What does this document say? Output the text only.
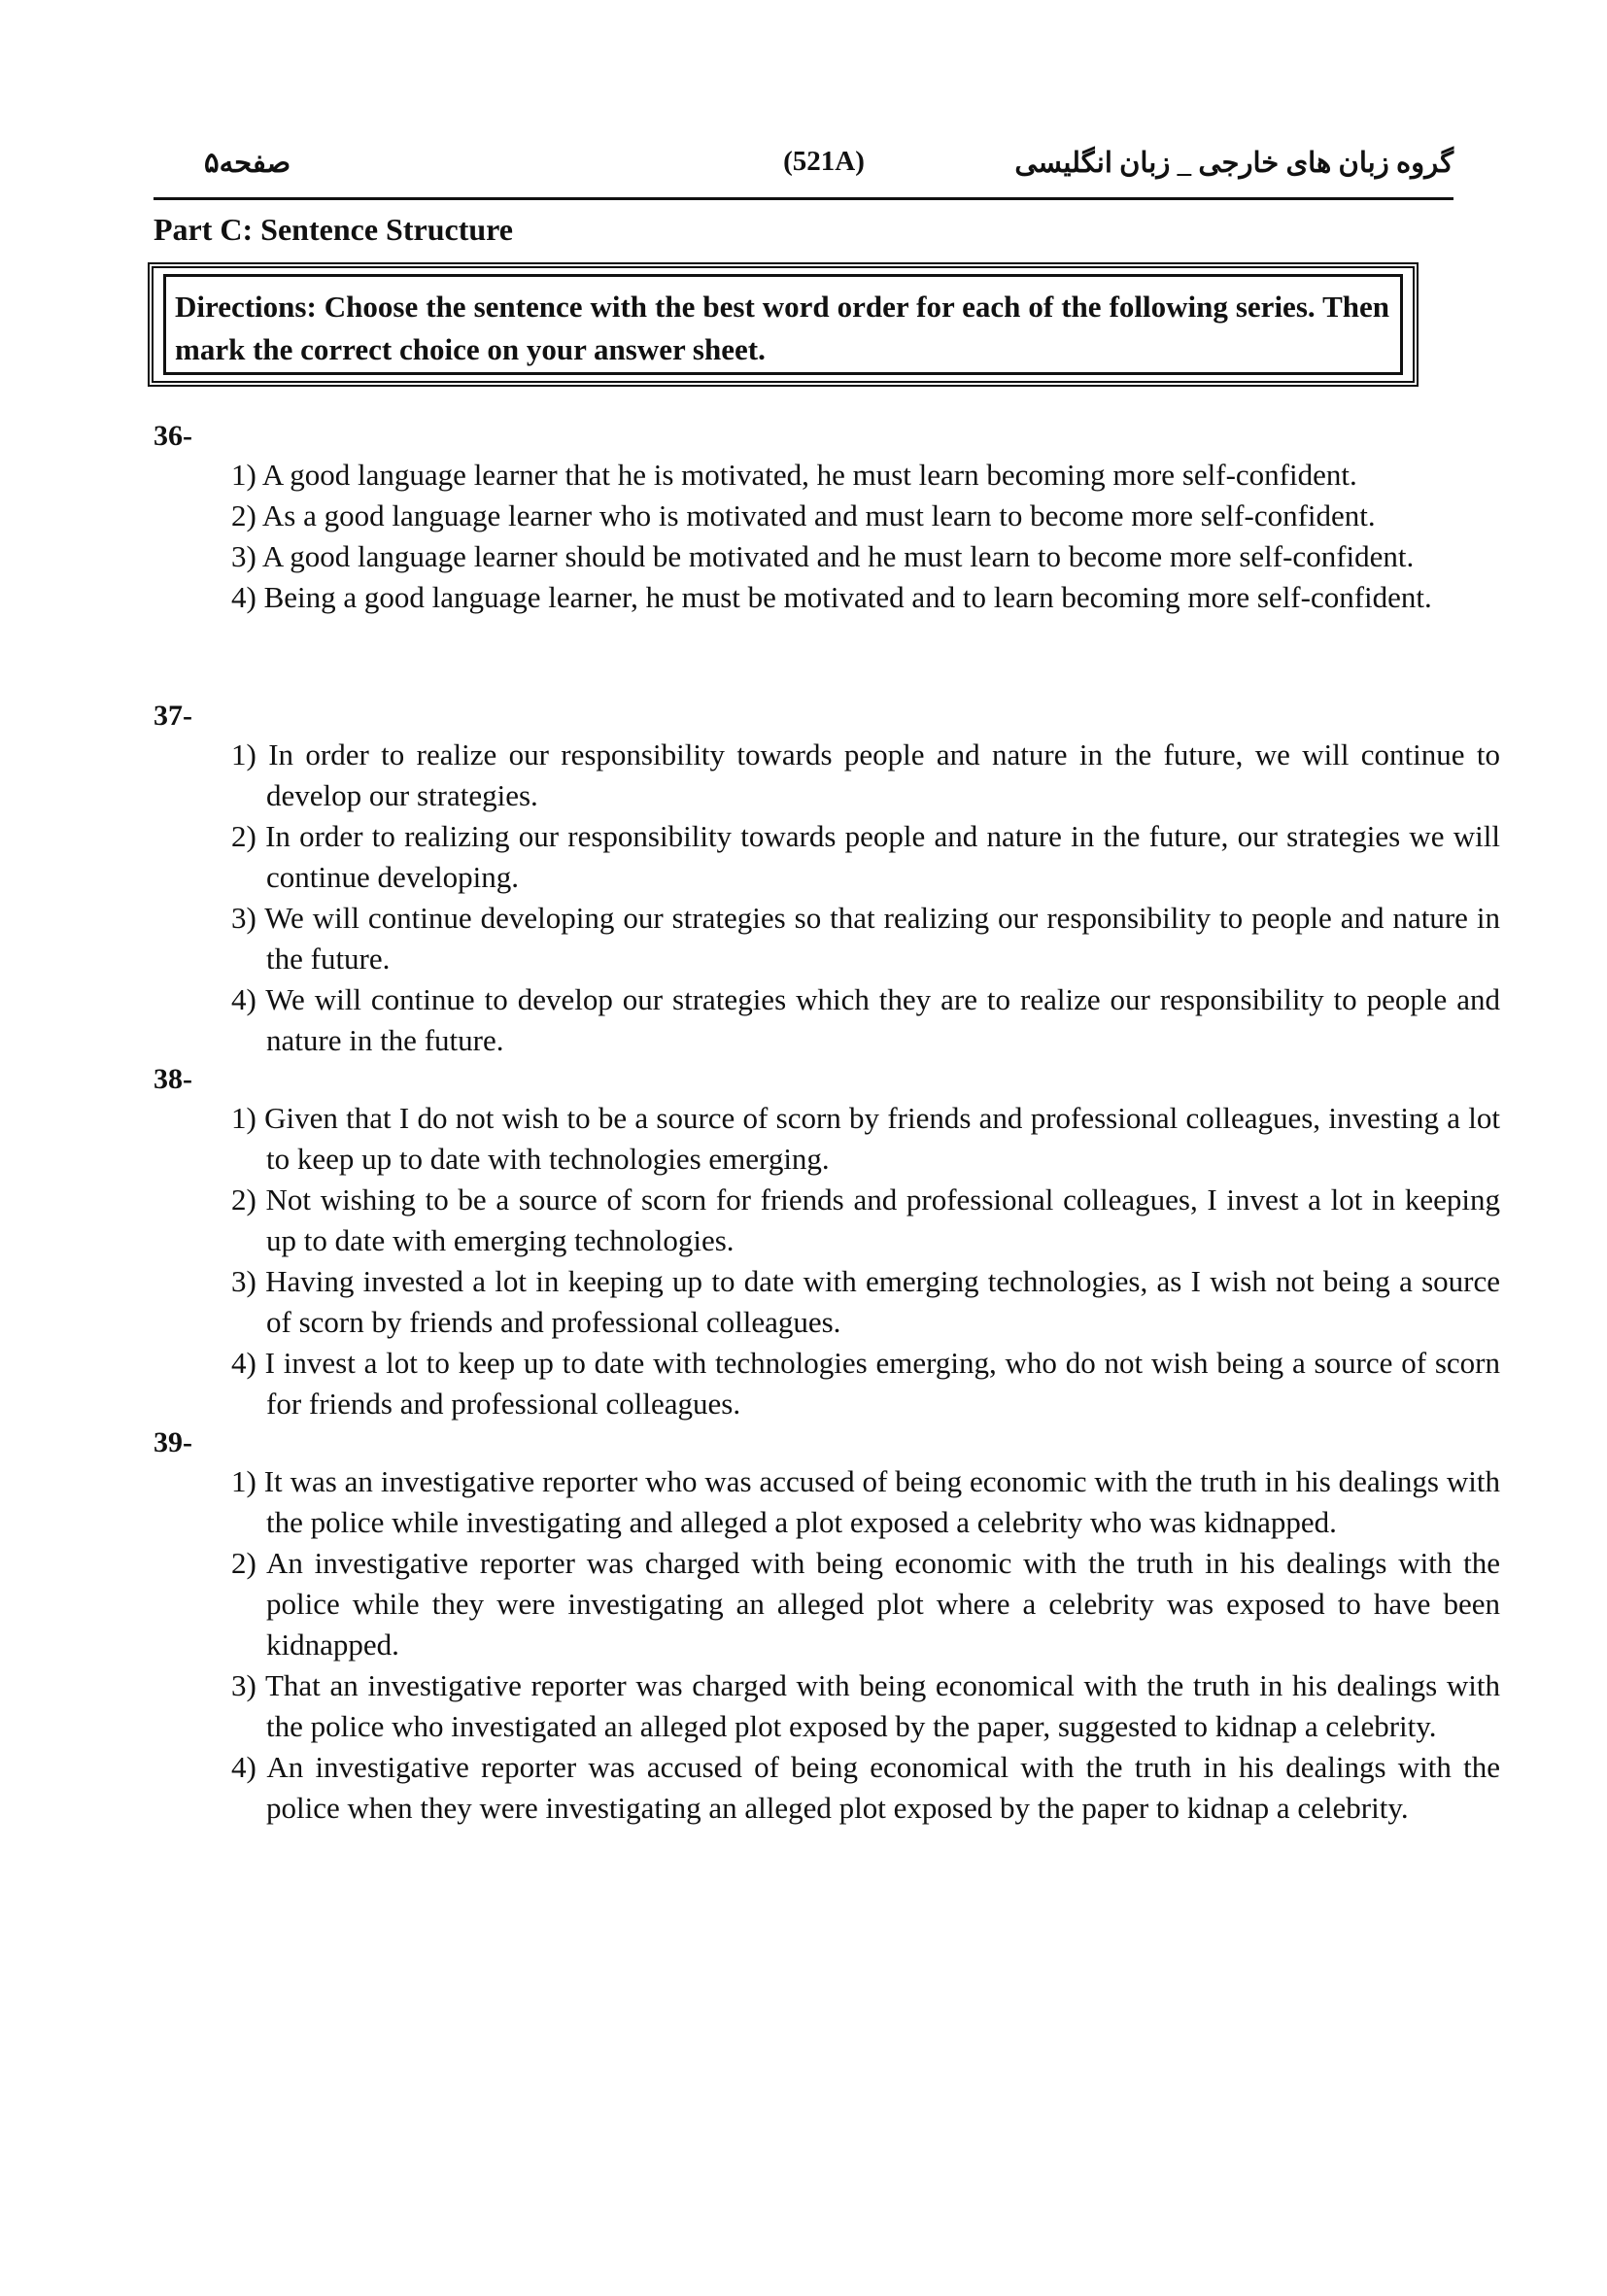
صفحه۵	(521A)	گروه زبان های خارجی _ زبان انگلیسی
Part C: Sentence Structure
Directions: Choose the sentence with the best word order for each of the following series. Then mark the correct choice on your answer sheet.
36-
1) A good language learner that he is motivated, he must learn becoming more self-confident.
2) As a good language learner who is motivated and must learn to become more self-confident.
3) A good language learner should be motivated and he must learn to become more self-confident.
4) Being a good language learner, he must be motivated and to learn becoming more self-confident.
37-
1) In order to realize our responsibility towards people and nature in the future, we will continue to develop our strategies.
2) In order to realizing our responsibility towards people and nature in the future, our strategies we will continue developing.
3) We will continue developing our strategies so that realizing our responsibility to people and nature in the future.
4) We will continue to develop our strategies which they are to realize our responsibility to people and nature in the future.
38-
1) Given that I do not wish to be a source of scorn by friends and professional colleagues, investing a lot to keep up to date with technologies emerging.
2) Not wishing to be a source of scorn for friends and professional colleagues, I invest a lot in keeping up to date with emerging technologies.
3) Having invested a lot in keeping up to date with emerging technologies, as I wish not being a source of scorn by friends and professional colleagues.
4) I invest a lot to keep up to date with technologies emerging, who do not wish being a source of scorn for friends and professional colleagues.
39-
1) It was an investigative reporter who was accused of being economic with the truth in his dealings with the police while investigating and alleged a plot exposed a celebrity who was kidnapped.
2) An investigative reporter was charged with being economic with the truth in his dealings with the police while they were investigating an alleged plot where a celebrity was exposed to have been kidnapped.
3) That an investigative reporter was charged with being economical with the truth in his dealings with the police who investigated an alleged plot exposed by the paper, suggested to kidnap a celebrity.
4) An investigative reporter was accused of being economical with the truth in his dealings with the police when they were investigating an alleged plot exposed by the paper to kidnap a celebrity.
